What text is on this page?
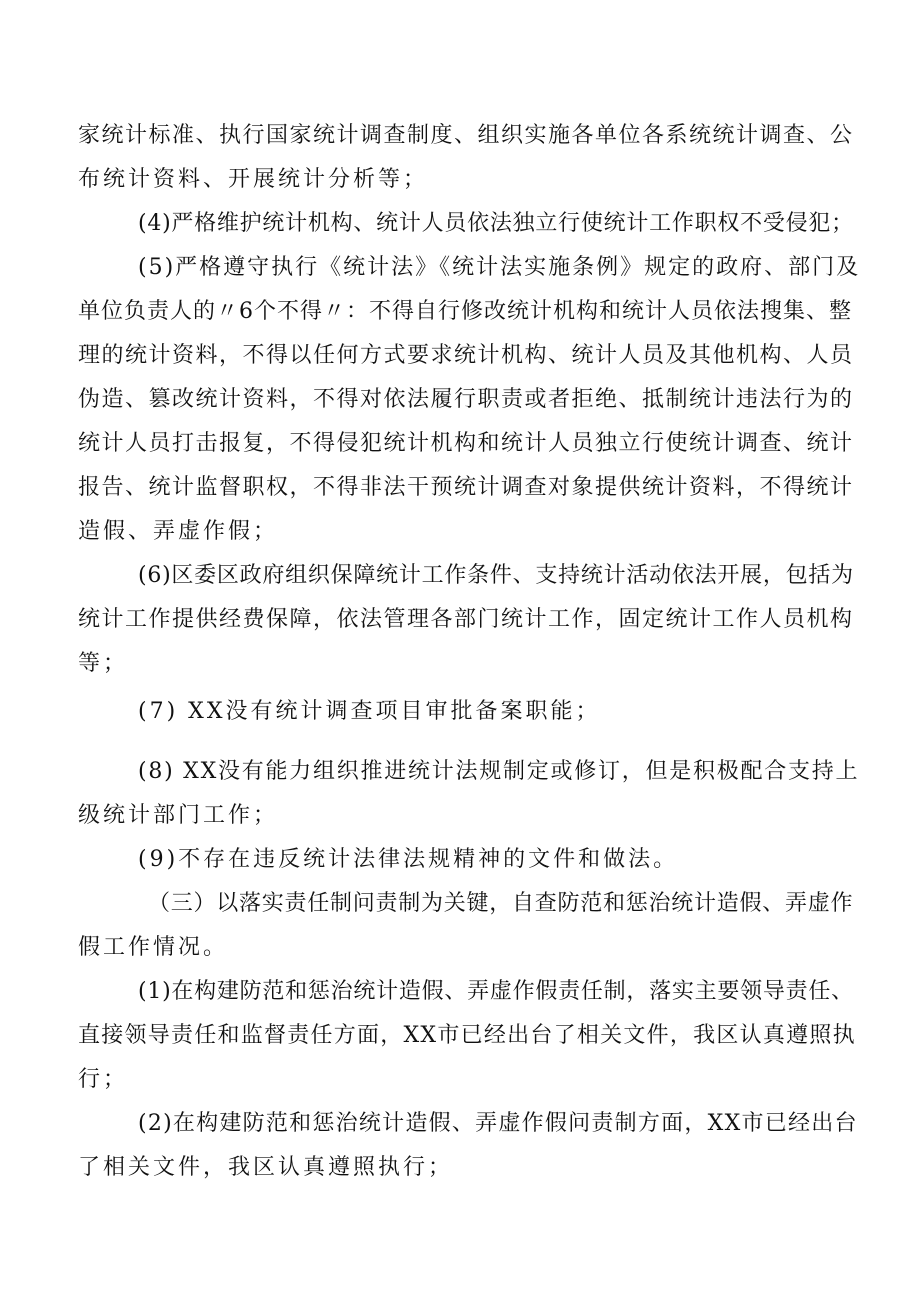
家统计标准、执行国家统计调查制度、组织实施各单位各系统统计调查、公

布统计资料、开展统计分析等；

(4)严格维护统计机构、统计人员依法独立行使统计工作职权不受侵犯；

(5)严格遵守执行《统计法》《统计法实施条例》规定的政府、部门及

单位负责人的〃6个不得〃：不得自行修改统计机构和统计人员依法搜集、整

理的统计资料，不得以任何方式要求统计机构、统计人员及其他机构、人员

伪造、篡改统计资料，不得对依法履行职责或者拒绝、抵制统计违法行为的

统计人员打击报复，不得侵犯统计机构和统计人员独立行使统计调查、统计

报告、统计监督职权，不得非法干预统计调查对象提供统计资料，不得统计

造假、弄虚作假；

(6)区委区政府组织保障统计工作条件、支持统计活动依法开展，包括为

统计工作提供经费保障，依法管理各部门统计工作，固定统计工作人员机构

等；

(7) XX没有统计调查项目审批备案职能；

(8) XX没有能力组织推进统计法规制定或修订，但是积极配合支持上

级统计部门工作；

(9)不存在违反统计法律法规精神的文件和做法。

（三）以落实责任制问责制为关键，自查防范和惩治统计造假、弄虚作

假工作情况。

(1)在构建防范和惩治统计造假、弄虚作假责任制，落实主要领导责任、

直接领导责任和监督责任方面，XX市已经出台了相关文件，我区认真遵照执

行；

(2)在构建防范和惩治统计造假、弄虚作假问责制方面，XX市已经出台

了相关文件，我区认真遵照执行；
